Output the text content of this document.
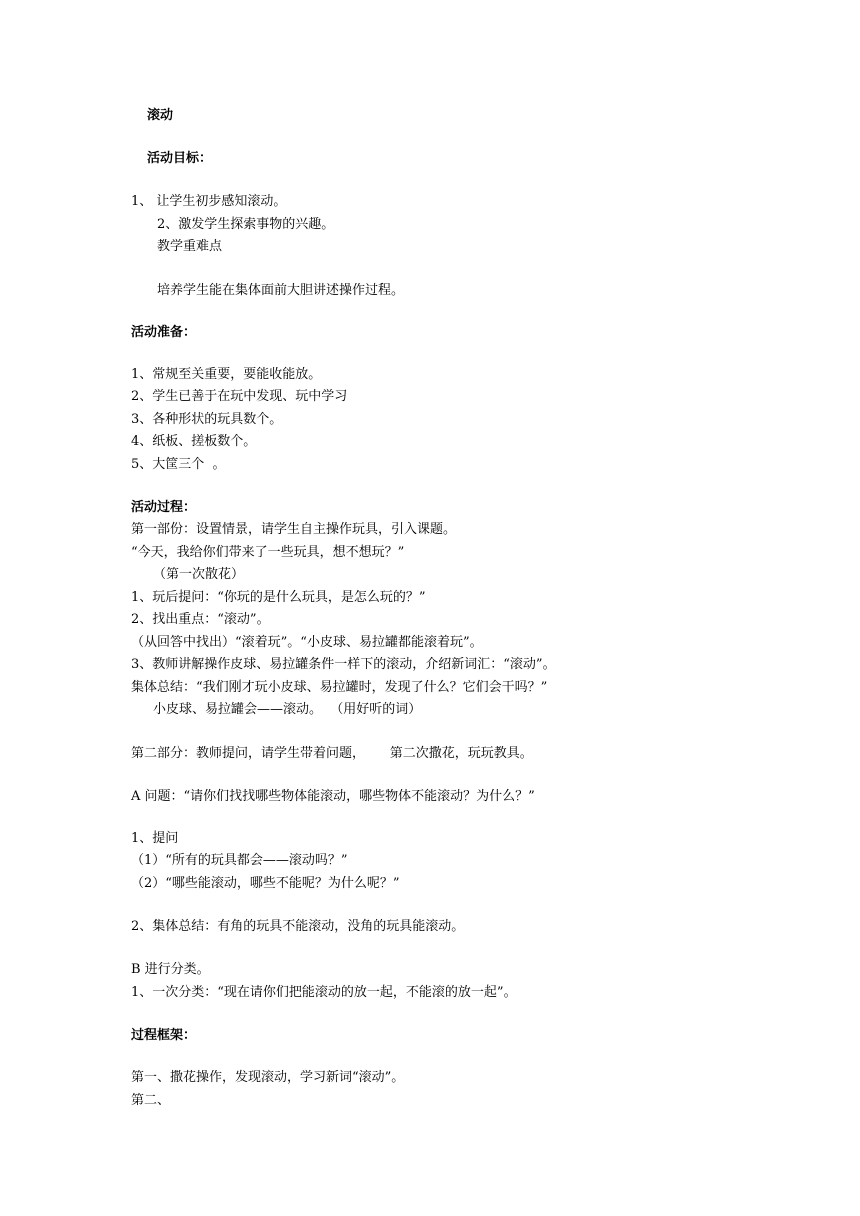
滚动
活动目标：
1、 让学生初步感知滚动。
2、激发学生探索事物的兴趣。
教学重难点
培养学生能在集体面前大胆讲述操作过程。
活动准备：
1、常规至关重要，要能收能放。
2、学生已善于在玩中发现、玩中学习
3、各种形状的玩具数个。
4、纸板、搓板数个。
5、大筐三个  。
活动过程：
第一部份：设置情景，请学生自主操作玩具，引入课题。
“今天，我给你们带来了一些玩具，想不想玩？”
（第一次散花）
1、玩后提问：“你玩的是什么玩具，是怎么玩的？”
2、找出重点：“滚动”。
（从回答中找出）“滚着玩”。“小皮球、易拉罐都能滚着玩”。
3、教师讲解操作皮球、易拉罐条件一样下的滚动，介绍新词汇：“滚动”。
集体总结：“我们刚才玩小皮球、易拉罐时，发现了什么？它们会干吗？”
小皮球、易拉罐会——滚动。  （用好听的词）
第二部分：教师提问，请学生带着问题，      第二次撒花，玩玩教具。
A 问题：“请你们找找哪些物体能滚动，哪些物体不能滚动？为什么？”
1、提问
（1）“所有的玩具都会——滚动吗？”
（2）“哪些能滚动，哪些不能呢？为什么呢？”
2、集体总结：有角的玩具不能滚动，没角的玩具能滚动。
B 进行分类。
1、一次分类：“现在请你们把能滚动的放一起，不能滚的放一起”。
过程框架：
第一、撒花操作，发现滚动，学习新词“滚动”。
第二、
